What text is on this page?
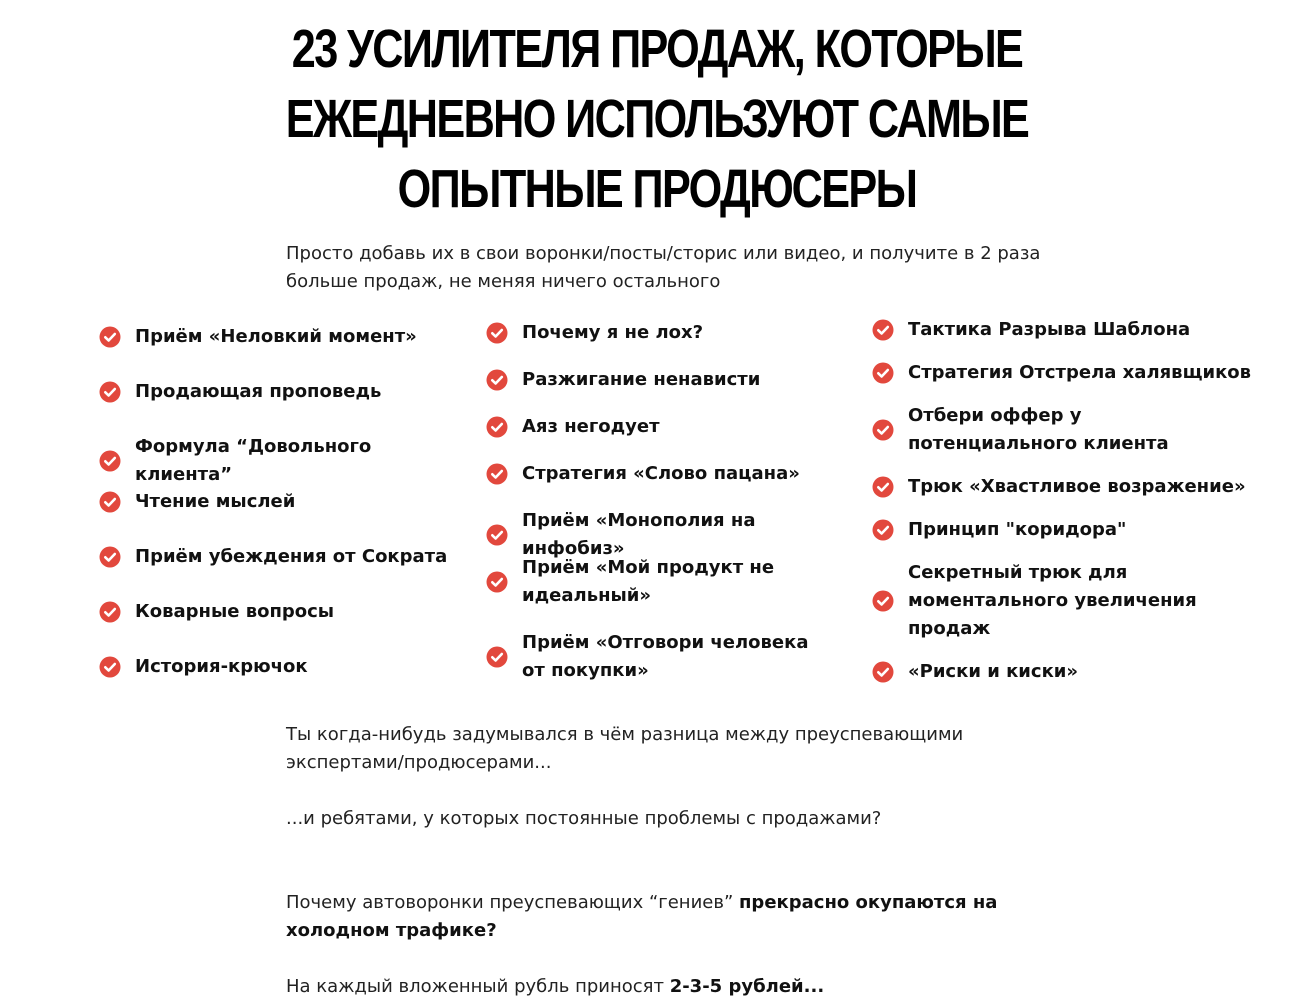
23 УСИЛИТЕЛЯ ПРОДАЖ, КОТОРЫЕ
ЕЖЕДНЕВНО ИСПОЛЬЗУЮТ САМЫЕ
ОПЫТНЫЕ ПРОДЮСЕРЫ

Просто добавь их в свои воронки/посты/сторис или видео, и получите в 2 раза больше продаж, не меняя ничего остального

Приём «Неловкий момент»
Продающая проповедь
Формула “Довольного клиента”
Чтение мыслей
Приём убеждения от Сократа
Коварные вопросы
История-крючок
Почему я не лох?
Разжигание ненависти
Аяз негодует
Стратегия «Слово пацана»
Приём «Монополия на инфобиз»
Приём «Мой продукт не идеальный»
Приём «Отговори человека от покупки»
Тактика Разрыва Шаблона
Стратегия Отстрела халявщиков
Отбери оффер у потенциального клиента
Трюк «Хвастливое возражение»
Принцип "коридора"
Секретный трюк для моментального увеличения продаж
«Риски и киски»

Ты когда-нибудь задумывался в чём разница между преуспевающими экспертами/продюсерами...

...и ребятами, у которых постоянные проблемы с продажами?

Почему автоворонки преуспевающих “гениев” прекрасно окупаются на холодном трафике?

На каждый вложенный рубль приносят 2-3-5 рублей...
